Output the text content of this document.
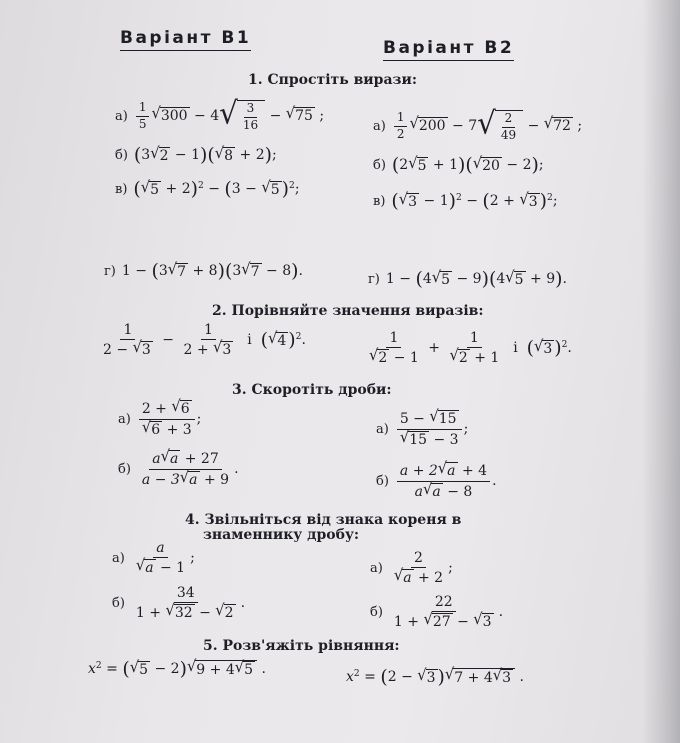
Варіант B1	Варіант B2
1. Спростіть вирази:
$а) \frac{1}{5}$ √ 300 − 4 √ $\frac{3}{16}$ − √ 75 ;
$а) \frac{1}{2}$ √ 200 − 7 √ $\frac{2}{49}$ − √ 72 ;
б) ( 3 √ 2 − 1 )( √ 8 + 2 ) ;
б) ( 2 √ 5 + 1 )( √ 20 − 2 ) ;
в) ( √ 5 + 2 )$^2$ − ( 3 − √ 5 )$^2$ ;
в) ( √ 3 − 1 )$^2$ − ( 2 + √ 3 )$^2$ ;
г) 1 − ( 3 √ 7 + 8 )( 3 √ 7 − 8 ) .	г) 1 − ( 4 √ 5 − 9 )( 4 √ 5 + 9 ) .
2. Порівняйте значення виразів:
$\frac{1}{2 - √ 3} - \frac{1}{2 + √ 3}$
і
( √ 4 )$^2$ .	$\frac{1}{√ 2 - 1} + \frac{1}{√ 2 + 1}$
і
( √ 3 )$^2$ .
3. Скоротіть дроби:
$а) \frac{2 + √ 6}{√ 6 + 3}$ ;
$а) \frac{5 - √ 15}{√ 15 - 3}$ ;
$б) \frac{a √ a + 27}{a - 3 √ a + 9}$ .
$б) \frac{a + 2 √ a + 4}{a √ a - 8}$ .
4. Звільніться від знака кореня в
знаменнику дробу:
$а) \frac{a}{√ a - 1}$ ;
$а) \frac{2}{√ a + 2}$ ;
$б) \frac{34}{1 + √ 32 - √ 2}$ .
$б) \frac{22}{1 + √ 27 - √ 3}$ .
5. Розв'яжіть рівняння:
$x^2$ = ( √ 5 − 2 ) √ 9 + 4 √ 5 .	$x^2$ = ( 2 −
√ 3 ) √ 7 + 4 √ 3 .
